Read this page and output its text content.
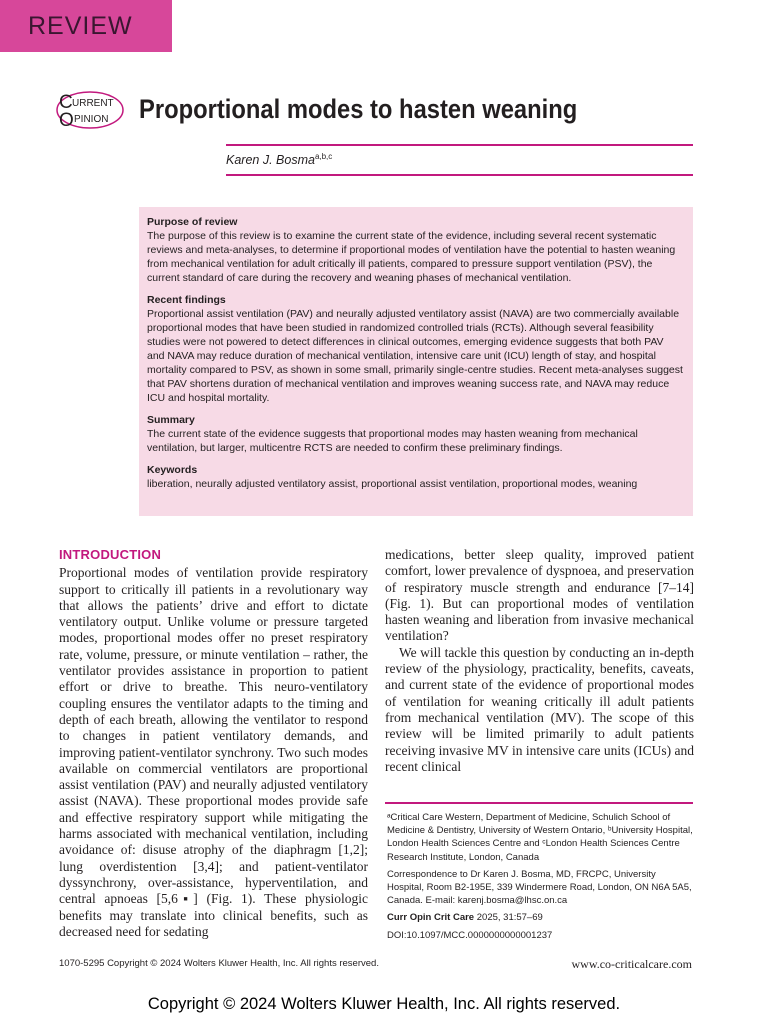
REVIEW
C URRENT
O PINION Proportional modes to hasten weaning
Karen J. Bosma$^{a,b,c}$
Purpose of review

The purpose of this review is to examine the current state of the evidence, including several recent systematic reviews and meta-analyses, to determine if proportional modes of ventilation have the potential to hasten weaning from mechanical ventilation for adult critically ill patients, compared to pressure support ventilation (PSV), the current standard of care during the recovery and weaning phases of mechanical ventilation.

Recent findings

Proportional assist ventilation (PAV) and neurally adjusted ventilatory assist (NAVA) are two commercially available proportional modes that have been studied in randomized controlled trials (RCTs). Although several feasibility studies were not powered to detect differences in clinical outcomes, emerging evidence suggests that both PAV and NAVA may reduce duration of mechanical ventilation, intensive care unit (ICU) length of stay, and hospital mortality compared to PSV, as shown in some small, primarily single-centre studies. Recent meta-analyses suggest that PAV shortens duration of mechanical ventilation and improves weaning success rate, and NAVA may reduce ICU and hospital mortality.

Summary

The current state of the evidence suggests that proportional modes may hasten weaning from mechanical ventilation, but larger, multicentre RCTS are needed to confirm these preliminary findings.

Keywords

liberation, neurally adjusted ventilatory assist, proportional assist ventilation, proportional modes, weaning

INTRODUCTION

Proportional modes of ventilation provide respiratory support to critically ill patients in a revolutionary way that allows the patients’ drive and effort to dictate ventilatory output. Unlike volume or pressure targeted modes, proportional modes offer no preset respiratory rate, volume, pressure, or minute ventilation – rather, the ventilator provides assistance in proportion to patient effort or drive to breathe. This neuro-ventilatory coupling ensures the ventilator adapts to the timing and depth of each breath, allowing the ventilator to respond to changes in patient ventilatory demands, and improving patient-ventilator synchrony. Two such modes available on commercial ventilators are proportional assist ventilation (PAV) and neurally adjusted ventilatory assist (NAVA). These proportional modes provide safe and effective respiratory support while mitigating the harms associated with mechanical ventilation, including avoidance of: disuse atrophy of the diaphragm [1,2]; lung overdistention [3,4]; and patient-ventilator dyssynchrony, over-assistance, hyperventilation, and central apnoeas [5,6▪] (Fig. 1). These physiologic benefits may translate into clinical benefits, such as decreased need for sedating

medications, better sleep quality, improved patient comfort, lower prevalence of dyspnoea, and preservation of respiratory muscle strength and endurance [7–14] (Fig. 1). But can proportional modes of ventilation hasten weaning and liberation from invasive mechanical ventilation?

We will tackle this question by conducting an in-depth review of the physiology, practicality, benefits, caveats, and current state of the evidence of proportional modes of ventilation for weaning critically ill adult patients from mechanical ventilation (MV). The scope of this review will be limited primarily to adult patients receiving invasive MV in intensive care units (ICUs) and recent clinical

ᵃCritical Care Western, Department of Medicine, Schulich School of Medicine & Dentistry, University of Western Ontario, ᵇUniversity Hospital, London Health Sciences Centre and ᶜLondon Health Sciences Centre Research Institute, London, Canada

Correspondence to Dr Karen J. Bosma, MD, FRCPC, University Hospital, Room B2-195E, 339 Windermere Road, London, ON N6A 5A5, Canada. E-mail: karenj.bosma@lhsc.on.ca

Curr Opin Crit Care 2025, 31:57–69

DOI:10.1097/MCC.0000000000001237

1070-5295 Copyright © 2024 Wolters Kluwer Health, Inc. All rights reserved.	www.co-criticalcare.com
Copyright © 2024 Wolters Kluwer Health, Inc. All rights reserved.
